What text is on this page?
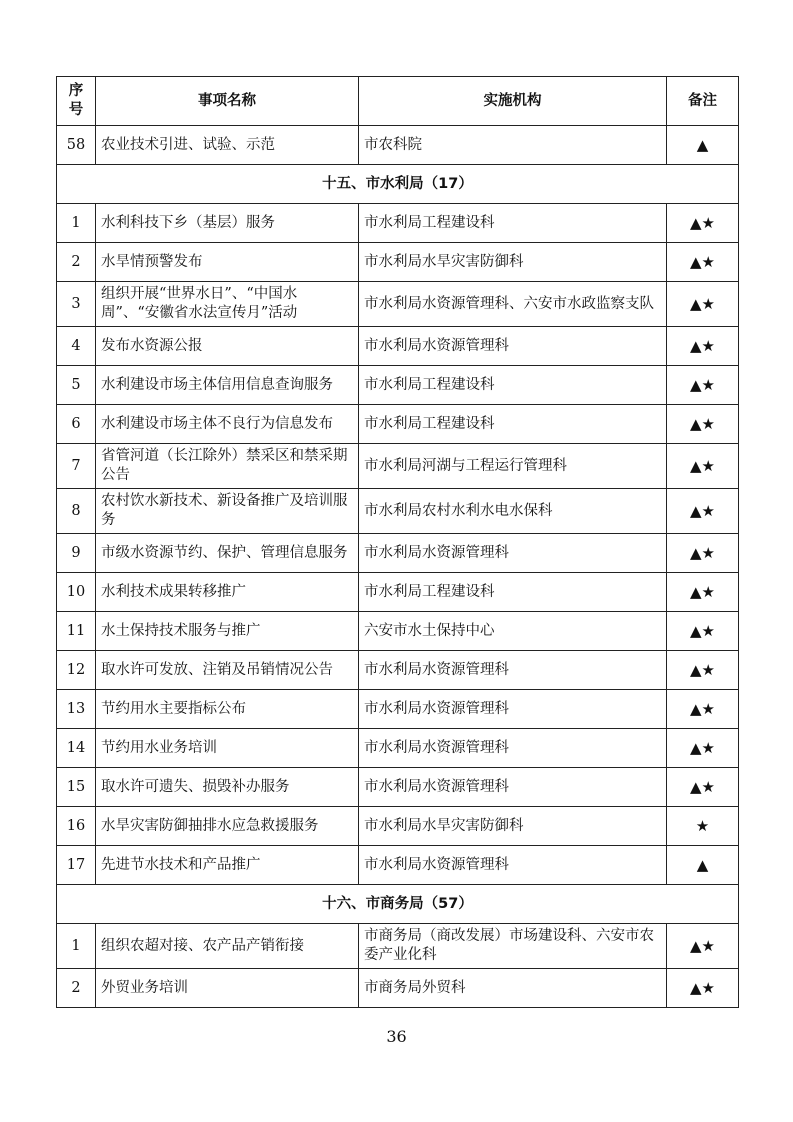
序号	事项名称	实施机构	备注
58	农业技术引进、试验、示范	市农科院	▲
十五、市水利局（17）			
1	水利科技下乡（基层）服务	市水利局工程建设科	▲★
2	水旱情预警发布	市水利局水旱灾害防御科	▲★
3	组织开展“世界水日”、“中国水周”、“安徽省水法宣传月”活动	市水利局水资源管理科、六安市水政监察支队	▲★
4	发布水资源公报	市水利局水资源管理科	▲★
5	水利建设市场主体信用信息查询服务	市水利局工程建设科	▲★
6	水利建设市场主体不良行为信息发布	市水利局工程建设科	▲★
7	省管河道（长江除外）禁采区和禁采期公告	市水利局河湖与工程运行管理科	▲★
8	农村饮水新技术、新设备推广及培训服务	市水利局农村水利水电水保科	▲★
9	市级水资源节约、保护、管理信息服务	市水利局水资源管理科	▲★
10	水利技术成果转移推广	市水利局工程建设科	▲★
11	水土保持技术服务与推广	六安市水土保持中心	▲★
12	取水许可发放、注销及吊销情况公告	市水利局水资源管理科	▲★
13	节约用水主要指标公布	市水利局水资源管理科	▲★
14	节约用水业务培训	市水利局水资源管理科	▲★
15	取水许可遗失、损毁补办服务	市水利局水资源管理科	▲★
16	水旱灾害防御抽排水应急救援服务	市水利局水旱灾害防御科	★
17	先进节水技术和产品推广	市水利局水资源管理科	▲
十六、市商务局（57）			
1	组织农超对接、农产品产销衔接	市商务局（商改发展）市场建设科、六安市农委产业化科	▲★
2	外贸业务培训	市商务局外贸科	▲★
36
